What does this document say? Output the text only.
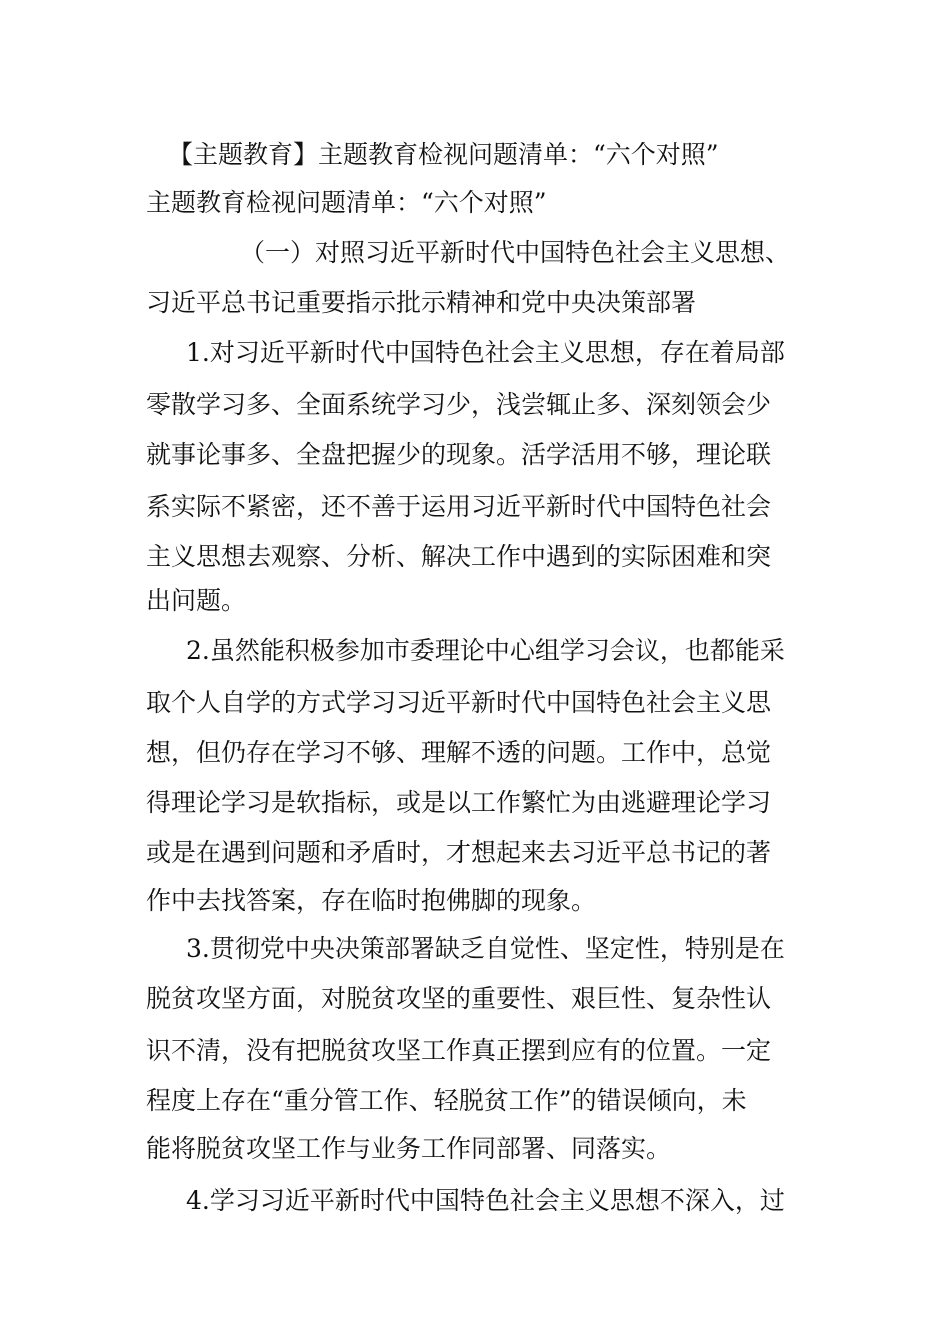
【主题教育】主题教育检视问题清单：“六个对照”
主题教育检视问题清单：“六个对照”
（一）对照习近平新时代中国特色社会主义思想、
习近平总书记重要指示批示精神和党中央决策部署
1.对习近平新时代中国特色社会主义思想，存在着局部
零散学习多、全面系统学习少，浅尝辄止多、深刻领会少
就事论事多、全盘把握少的现象。活学活用不够，理论联
系实际不紧密，还不善于运用习近平新时代中国特色社会
主义思想去观察、分析、解决工作中遇到的实际困难和突
出问题。
2.虽然能积极参加市委理论中心组学习会议，也都能采
取个人自学的方式学习习近平新时代中国特色社会主义思
想，但仍存在学习不够、理解不透的问题。工作中，总觉
得理论学习是软指标，或是以工作繁忙为由逃避理论学习
或是在遇到问题和矛盾时，才想起来去习近平总书记的著
作中去找答案，存在临时抱佛脚的现象。
3.贯彻党中央决策部署缺乏自觉性、坚定性，特别是在
脱贫攻坚方面，对脱贫攻坚的重要性、艰巨性、复杂性认
识不清，没有把脱贫攻坚工作真正摆到应有的位置。一定
程度上存在“重分管工作、轻脱贫工作”的错误倾向，未
能将脱贫攻坚工作与业务工作同部署、同落实。
4.学习习近平新时代中国特色社会主义思想不深入，过
